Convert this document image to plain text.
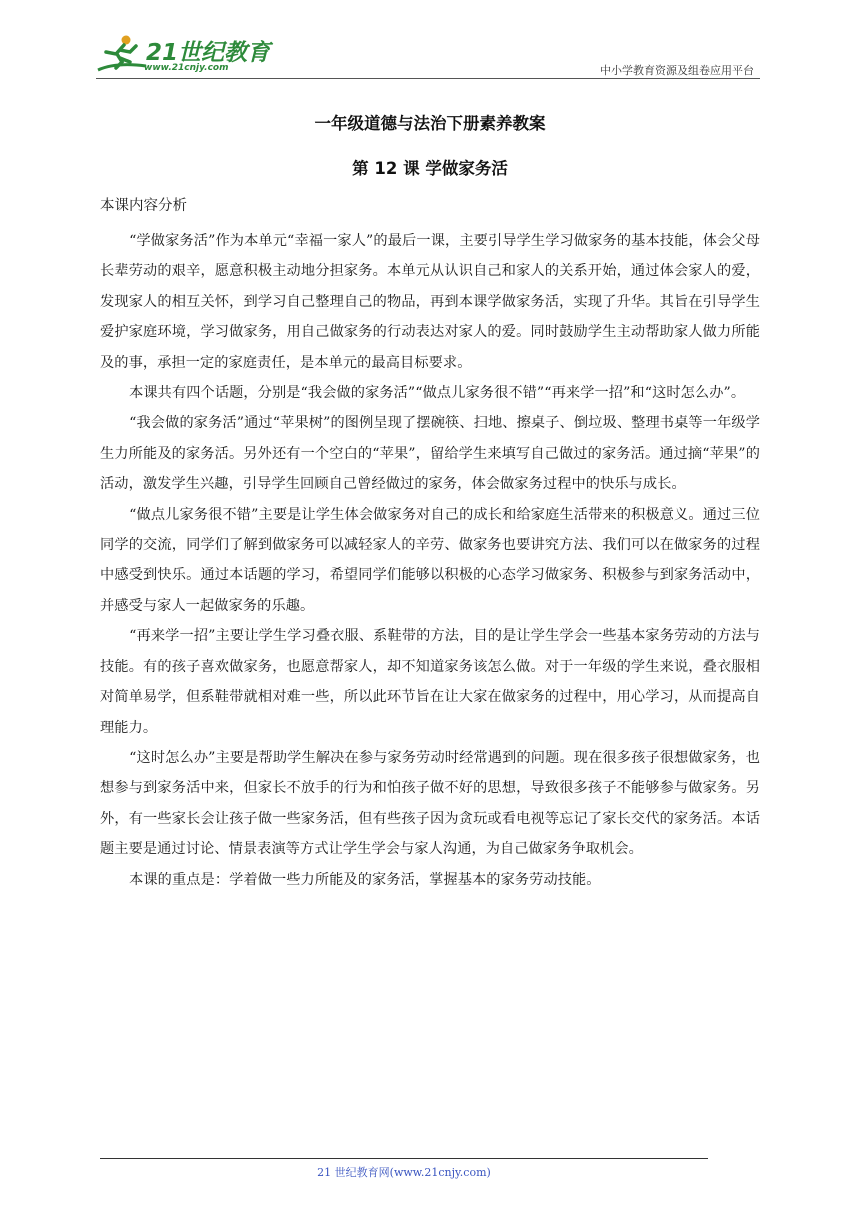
21世纪教育
www.21cnjy.com	中小学教育资源及组卷应用平台
一年级道德与法治下册素养教案
第 12 课 学做家务活
本课内容分析

“学做家务活”作为本单元“幸福一家人”的最后一课，主要引导学生学习做家务的基本技能，体会父母长辈劳动的艰辛，愿意积极主动地分担家务。本单元从认识自己和家人的关系开始，通过体会家人的爱，发现家人的相互关怀，到学习自己整理自己的物品，再到本课学做家务活，实现了升华。其旨在引导学生爱护家庭环境，学习做家务，用自己做家务的行动表达对家人的爱。同时鼓励学生主动帮助家人做力所能及的事，承担一定的家庭责任，是本单元的最高目标要求。

本课共有四个话题，分别是“我会做的家务活”“做点儿家务很不错”“再来学一招”和“这时怎么办”。

“我会做的家务活”通过“苹果树”的图例呈现了摆碗筷、扫地、擦桌子、倒垃圾、整理书桌等一年级学生力所能及的家务活。另外还有一个空白的“苹果”，留给学生来填写自己做过的家务活。通过摘“苹果”的活动，激发学生兴趣，引导学生回顾自己曾经做过的家务，体会做家务过程中的快乐与成长。

“做点儿家务很不错”主要是让学生体会做家务对自己的成长和给家庭生活带来的积极意义。通过三位同学的交流，同学们了解到做家务可以减轻家人的辛劳、做家务也要讲究方法、我们可以在做家务的过程中感受到快乐。通过本话题的学习，希望同学们能够以积极的心态学习做家务、积极参与到家务活动中，并感受与家人一起做家务的乐趣。

“再来学一招”主要让学生学习叠衣服、系鞋带的方法，目的是让学生学会一些基本家务劳动的方法与技能。有的孩子喜欢做家务，也愿意帮家人，却不知道家务该怎么做。对于一年级的学生来说，叠衣服相对简单易学，但系鞋带就相对难一些，所以此环节旨在让大家在做家务的过程中，用心学习，从而提高自理能力。

“这时怎么办”主要是帮助学生解决在参与家务劳动时经常遇到的问题。现在很多孩子很想做家务，也想参与到家务活中来，但家长不放手的行为和怕孩子做不好的思想，导致很多孩子不能够参与做家务。另外，有一些家长会让孩子做一些家务活，但有些孩子因为贪玩或看电视等忘记了家长交代的家务活。本话题主要是通过讨论、情景表演等方式让学生学会与家人沟通，为自己做家务争取机会。

本课的重点是：学着做一些力所能及的家务活，掌握基本的家务劳动技能。

21 世纪教育网(www.21cnjy.com)
